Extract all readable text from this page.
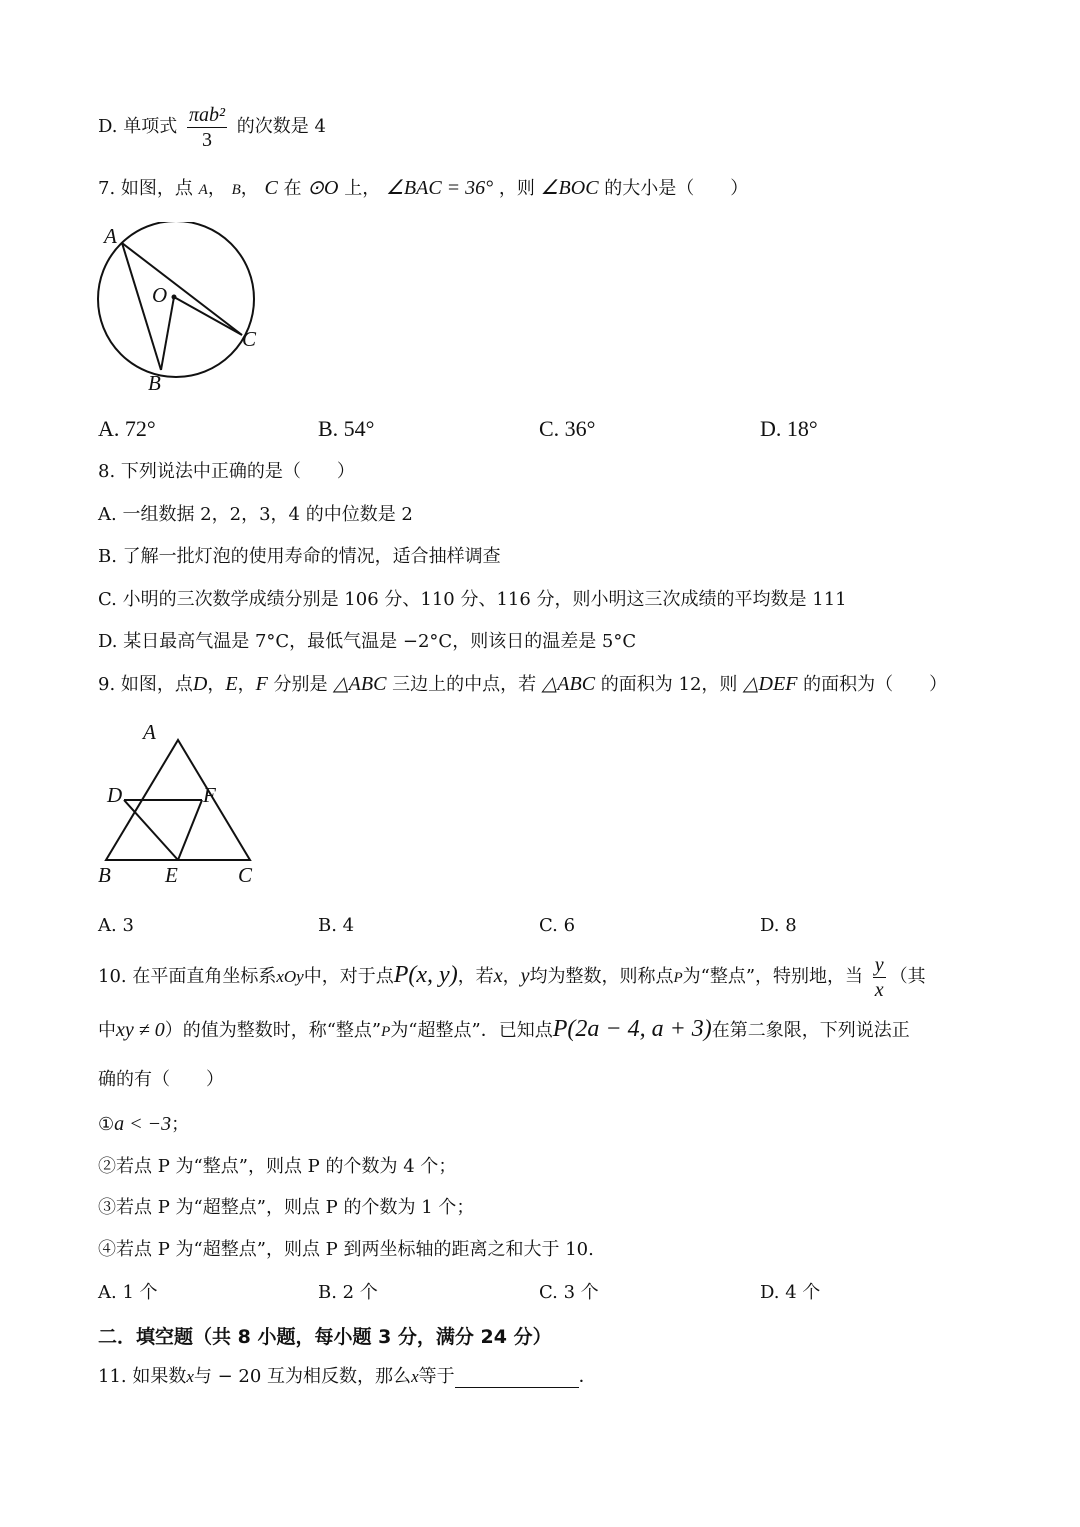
D. 单项式 $\frac{\text{πab²}}{3}$ 的次数是 4
7. 如图，点 A， B， C 在 ⊙O 上， ∠BAC = 36° ，则 ∠BOC 的大小是（　　）
A
O
C
B
A. 72°	B. 54°	C. 36°	D. 18°
8. 下列说法中正确的是（　　）
A. 一组数据 2，2，3，4 的中位数是 2
B. 了解一批灯泡的使用寿命的情况，适合抽样调查
C. 小明的三次数学成绩分别是 106 分、110 分、116 分，则小明这三次成绩的平均数是 111
D. 某日最高气温是 7°C，最低气温是 −2°C，则该日的温差是 5°C
9. 如图，点D，E，F 分别是 △ABC 三边上的中点，若 △ABC 的面积为 12，则 △DEF 的面积为（　　）
A
D	F
B	E	C
A. 3	B. 4	C. 6	D. 8
10. 在平面直角坐标系xOy中，对于点P(x, y)，若x，y均为整数，则称点P为“整点”，特别地，当 $\frac{y}{x}$ （其
中xy ≠ 0）的值为整数时，称“整点”P为“超整点”．已知点P(2a − 4, a + 3)在第二象限，下列说法正
确的有（　　）
①a < −3；
②若点 P 为“整点”，则点 P 的个数为 4 个；
③若点 P 为“超整点”，则点 P 的个数为 1 个；
④若点 P 为“超整点”，则点 P 到两坐标轴的距离之和大于 10.
A. 1 个	B. 2 个	C. 3 个	D. 4 个
二．填空题（共 8 小题，每小题 3 分，满分 24 分）
11. 如果数x与 − 20 互为相反数，那么x等于	．
